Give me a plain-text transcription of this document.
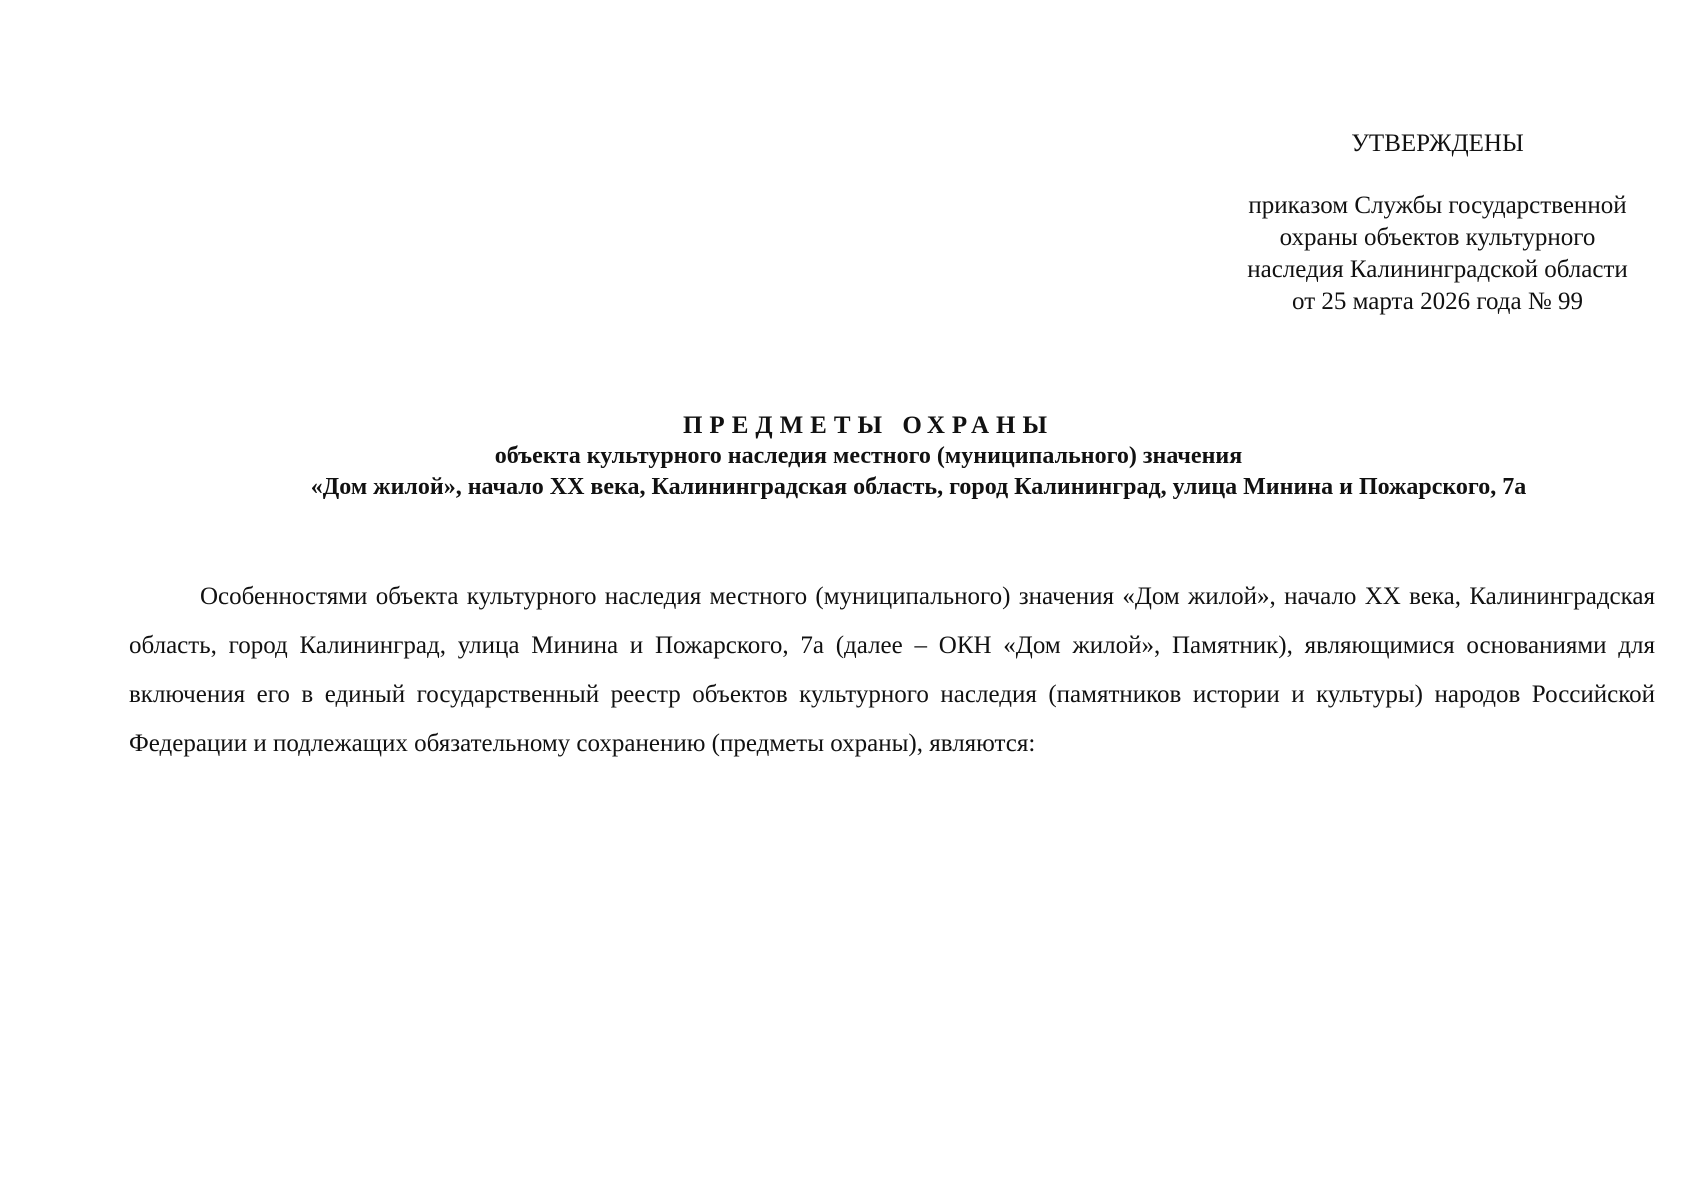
УТВЕРЖДЕНЫ
приказом Службы государственной
охраны объектов культурного
наследия Калининградской области
от 25 марта 2026 года № 99
ПРЕДМЕТЫ ОХРАНЫ
объекта культурного наследия местного (муниципального) значения
«Дом жилой», начало XX века, Калининградская область, город Калининград, улица Минина и Пожарского, 7а

Особенностями объекта культурного наследия местного (муниципального) значения «Дом жилой», начало XX века, Калининградская область, город Калининград, улица Минина и Пожарского, 7а (далее – ОКН «Дом жилой», Памятник), являющимися основаниями для включения его в единый государственный реестр объектов культурного наследия (памятников истории и культуры) народов Российской Федерации и подлежащих обязательному сохранению (предметы охраны), являются:
